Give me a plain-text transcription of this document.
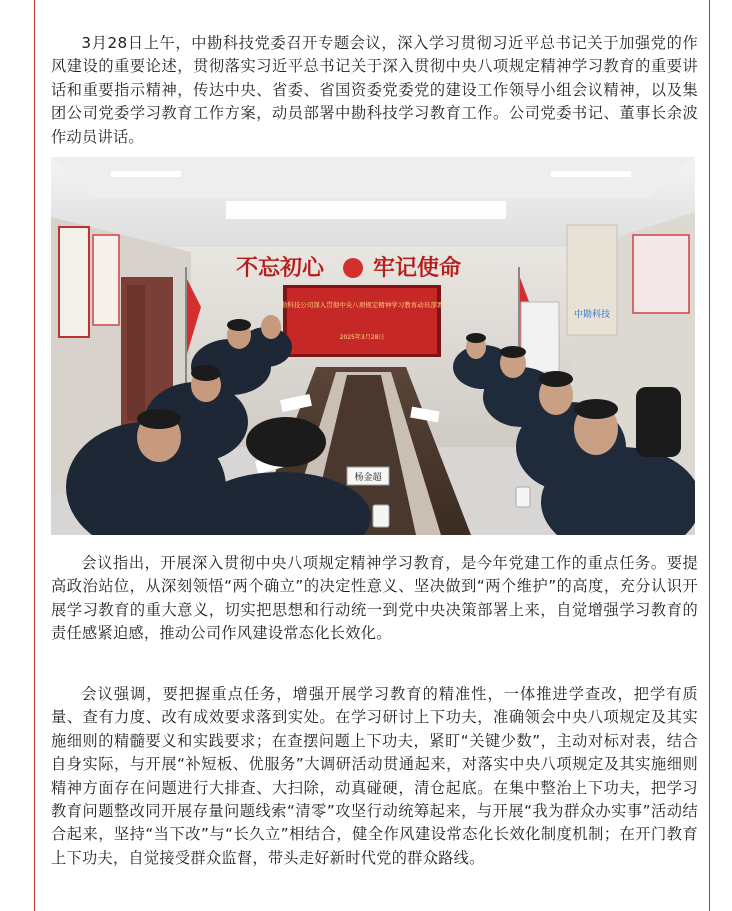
3月28日上午，中勘科技党委召开专题会议，深入学习贯彻习近平总书记关于加强党的作风建设的重要论述，贯彻落实习近平总书记关于深入贯彻中央八项规定精神学习教育的重要讲话和重要指示精神，传达中央、省委、省国资委党委党的建设工作领导小组会议精神，以及集团公司党委学习教育工作方案，动员部署中勘科技学习教育工作。公司党委书记、董事长余波作动员讲话。

不忘初心 牢记使命
中勘科技公司深入贯彻中央八项规定精神学习教育动员部署会
2025年3月28日
中勘科技
杨金超

会议指出，开展深入贯彻中央八项规定精神学习教育，是今年党建工作的重点任务。要提高政治站位，从深刻领悟“两个确立”的决定性意义、坚决做到“两个维护”的高度，充分认识开展学习教育的重大意义，切实把思想和行动统一到党中央决策部署上来，自觉增强学习教育的责任感紧迫感，推动公司作风建设常态化长效化。

会议强调，要把握重点任务，增强开展学习教育的精准性，一体推进学查改，把学有质量、查有力度、改有成效要求落到实处。在学习研讨上下功夫，准确领会中央八项规定及其实施细则的精髓要义和实践要求；在查摆问题上下功夫，紧盯“关键少数”，主动对标对表，结合自身实际，与开展“补短板、优服务”大调研活动贯通起来，对落实中央八项规定及其实施细则精神方面存在问题进行大排查、大扫除，动真碰硬，清仓起底。在集中整治上下功夫，把学习教育问题整改同开展存量问题线索“清零”攻坚行动统筹起来，与开展“我为群众办实事”活动结合起来，坚持“当下改”与“长久立”相结合，健全作风建设常态化长效化制度机制；在开门教育上下功夫，自觉接受群众监督，带头走好新时代党的群众路线。
